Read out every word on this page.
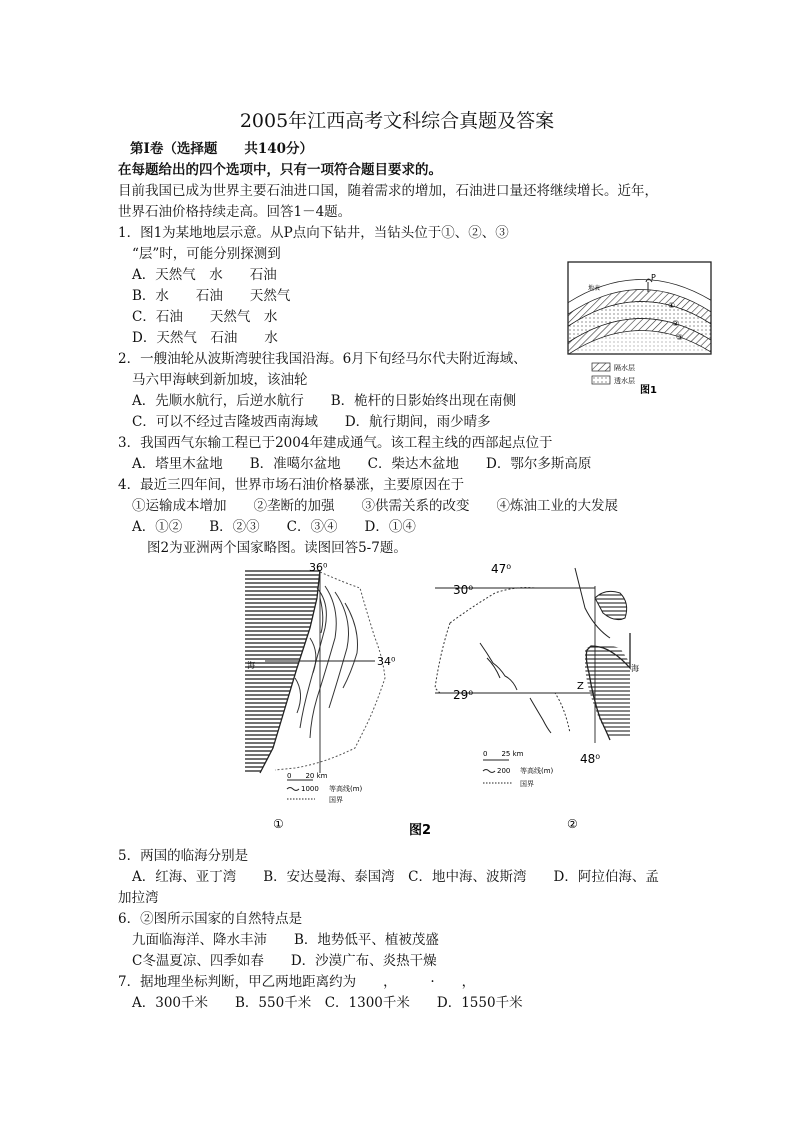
2005年江西高考文科综合真题及答案
第Ⅰ卷（选择题　　共140分）
在每题给出的四个选项中，只有一项符合题目要求的。
目前我国已成为世界主要石油进口国，随着需求的增加，石油进口量还将继续增长。近年，
世界石油价格持续走高。回答1－4题。
1．图1为某地地层示意。从P点向下钻井，当钻头位于①、②、③
“层”时，可能分别探测到
A．天然气　水　　石油
B．水　　石油　　天然气
C．石油　　天然气　水
D．天然气　石油　　水
2．一艘油轮从波斯湾驶往我国沿海。6月下旬经马尔代夫附近海域、
马六甲海峡到新加坡，该油轮
A．先顺水航行，后逆水航行　　B．桅杆的日影始终出现在南侧
C．可以不经过吉隆坡西南海域　　D．航行期间，雨少晴多
3．我国西气东输工程已于2004年建成通气。该工程主线的西部起点位于
A．塔里木盆地　　B．准噶尔盆地　　C．柴达木盆地　　D．鄂尔多斯高原
4．最近三四年间，世界市场石油价格暴涨，主要原因在于
①运输成本增加　　②垄断的加强　　③供需关系的改变　　④炼油工业的大发展
A．①②　　B．②③　　C．③④　　D．①④
图2为亚洲两个国家略图。读图回答5-7题。
P
地表
①
②
③
隔水层
透水层
图1
36⁰
34⁰
海
0　　20 km
1000 等高线(m)
国界
①
Z
47⁰
30⁰
29⁰
48⁰
海
0　　25 km
200 等高线(m)
国界
②
图2
5．两国的临海分别是
A．红海、亚丁湾　　B．安达曼海、泰国湾　C．地中海、波斯湾　　D．阿拉伯海、孟
加拉湾
6．②图所示国家的自然特点是
九面临海洋、降水丰沛　　B．地势低平、植被茂盛
C冬温夏凉、四季如春　　D．沙漠广布、炎热干燥
7．据地理坐标判断，甲乙两地距离约为　　，　　　·　　，
A．300千米　　B．550千米　C．1300千米　　D．1550千米
